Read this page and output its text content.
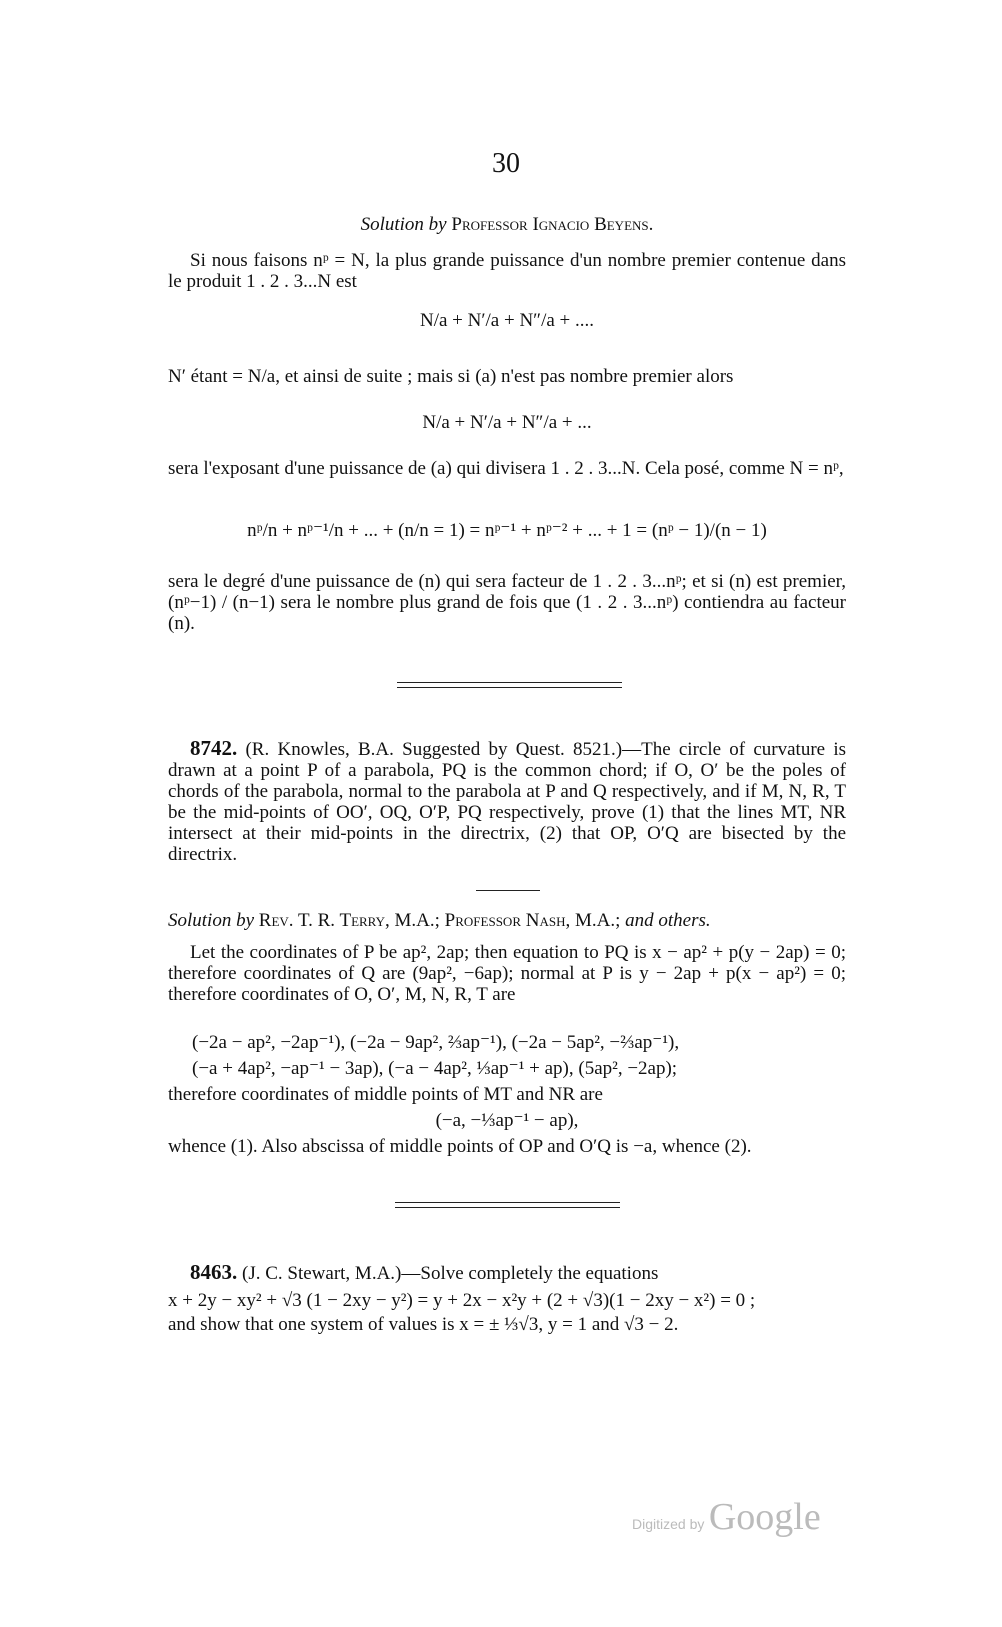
30
Solution by Professor Ignacio Beyens.
Si nous faisons nᵖ = N, la plus grande puissance d'un nombre premier contenue dans le produit 1 . 2 . 3...N est
N/a + N′/a + N″/a + ....
N′ étant = N/a, et ainsi de suite ; mais si (a) n'est pas nombre premier alors
N/a + N′/a + N″/a + ...
sera l'exposant d'une puissance de (a) qui divisera 1 . 2 . 3...N. Cela posé, comme N = nᵖ,
nᵖ/n + nᵖ⁻¹/n + ... + (n/n = 1) = nᵖ⁻¹ + nᵖ⁻² + ... + 1 = (nᵖ − 1)/(n − 1)
sera le degré d'une puissance de (n) qui sera facteur de 1 . 2 . 3...nᵖ; et si (n) est premier, (nᵖ−1) / (n−1) sera le nombre plus grand de fois que (1 . 2 . 3...nᵖ) contiendra au facteur (n).
8742. (R. Knowles, B.A. Suggested by Quest. 8521.)—The circle of curvature is drawn at a point P of a parabola, PQ is the common chord; if O, O′ be the poles of chords of the parabola, normal to the parabola at P and Q respectively, and if M, N, R, T be the mid-points of OO′, OQ, O′P, PQ respectively, prove (1) that the lines MT, NR intersect at their mid-points in the directrix, (2) that OP, O′Q are bisected by the directrix.
Solution by Rev. T. R. Terry, M.A.; Professor Nash, M.A.; and others.
Let the coordinates of P be ap², 2ap; then equation to PQ is x − ap² + p(y − 2ap) = 0; therefore coordinates of Q are (9ap², −6ap); normal at P is y − 2ap + p(x − ap²) = 0; therefore coordinates of O, O′, M, N, R, T are
(−2a − ap², −2ap⁻¹), (−2a − 9ap², ⅔ap⁻¹), (−2a − 5ap², −⅔ap⁻¹),
(−a + 4ap², −ap⁻¹ − 3ap), (−a − 4ap², ⅓ap⁻¹ + ap), (5ap², −2ap);
therefore coordinates of middle points of MT and NR are
(−a, −⅓ap⁻¹ − ap),
whence (1). Also abscissa of middle points of OP and O′Q is −a, whence (2).
8463. (J. C. Stewart, M.A.)—Solve completely the equations
x + 2y − xy² + √3 (1 − 2xy − y²) = y + 2x − x²y + (2 + √3)(1 − 2xy − x²) = 0 ;
and show that one system of values is x = ± ⅓√3, y = 1 and √3 − 2.
Digitized by Google
